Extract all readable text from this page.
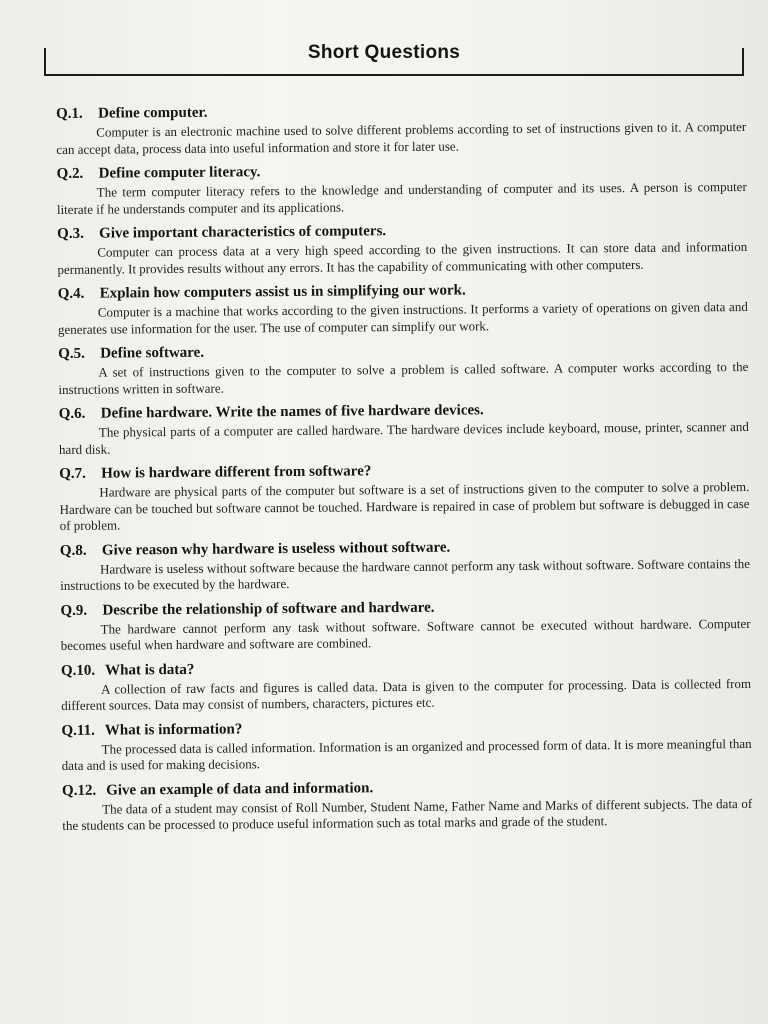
Short Questions
Q.1.	Define computer.
Computer is an electronic machine used to solve different problems according to set of instructions given to it. A computer can accept data, process data into useful information and store it for later use.
Q.2.	Define computer literacy.
The term computer literacy refers to the knowledge and understanding of computer and its uses. A person is computer literate if he understands computer and its applications.
Q.3.	Give important characteristics of computers.
Computer can process data at a very high speed according to the given instructions. It can store data and information permanently. It provides results without any errors. It has the capability of communicating with other computers.
Q.4.	Explain how computers assist us in simplifying our work.
Computer is a machine that works according to the given instructions. It performs a variety of operations on given data and generates use information for the user. The use of computer can simplify our work.
Q.5.	Define software.
A set of instructions given to the computer to solve a problem is called software. A computer works according to the instructions written in software.
Q.6.	Define hardware. Write the names of five hardware devices.
The physical parts of a computer are called hardware. The hardware devices include keyboard, mouse, printer, scanner and hard disk.
Q.7.	How is hardware different from software?
Hardware are physical parts of the computer but software is a set of instructions given to the computer to solve a problem. Hardware can be touched but software cannot be touched. Hardware is repaired in case of problem but software is debugged in case of problem.
Q.8.	Give reason why hardware is useless without software.
Hardware is useless without software because the hardware cannot perform any task without software. Software contains the instructions to be executed by the hardware.
Q.9.	Describe the relationship of software and hardware.
The hardware cannot perform any task without software. Software cannot be executed without hardware. Computer becomes useful when hardware and software are combined.
Q.10. What is data?
A collection of raw facts and figures is called data. Data is given to the computer for processing. Data is collected from different sources. Data may consist of numbers, characters, pictures etc.
Q.11. What is information?
The processed data is called information. Information is an organized and processed form of data. It is more meaningful than data and is used for making decisions.
Q.12. Give an example of data and information.
The data of a student may consist of Roll Number, Student Name, Father Name and Marks of different subjects. The data of the students can be processed to produce useful information such as total marks and grade of the student.
